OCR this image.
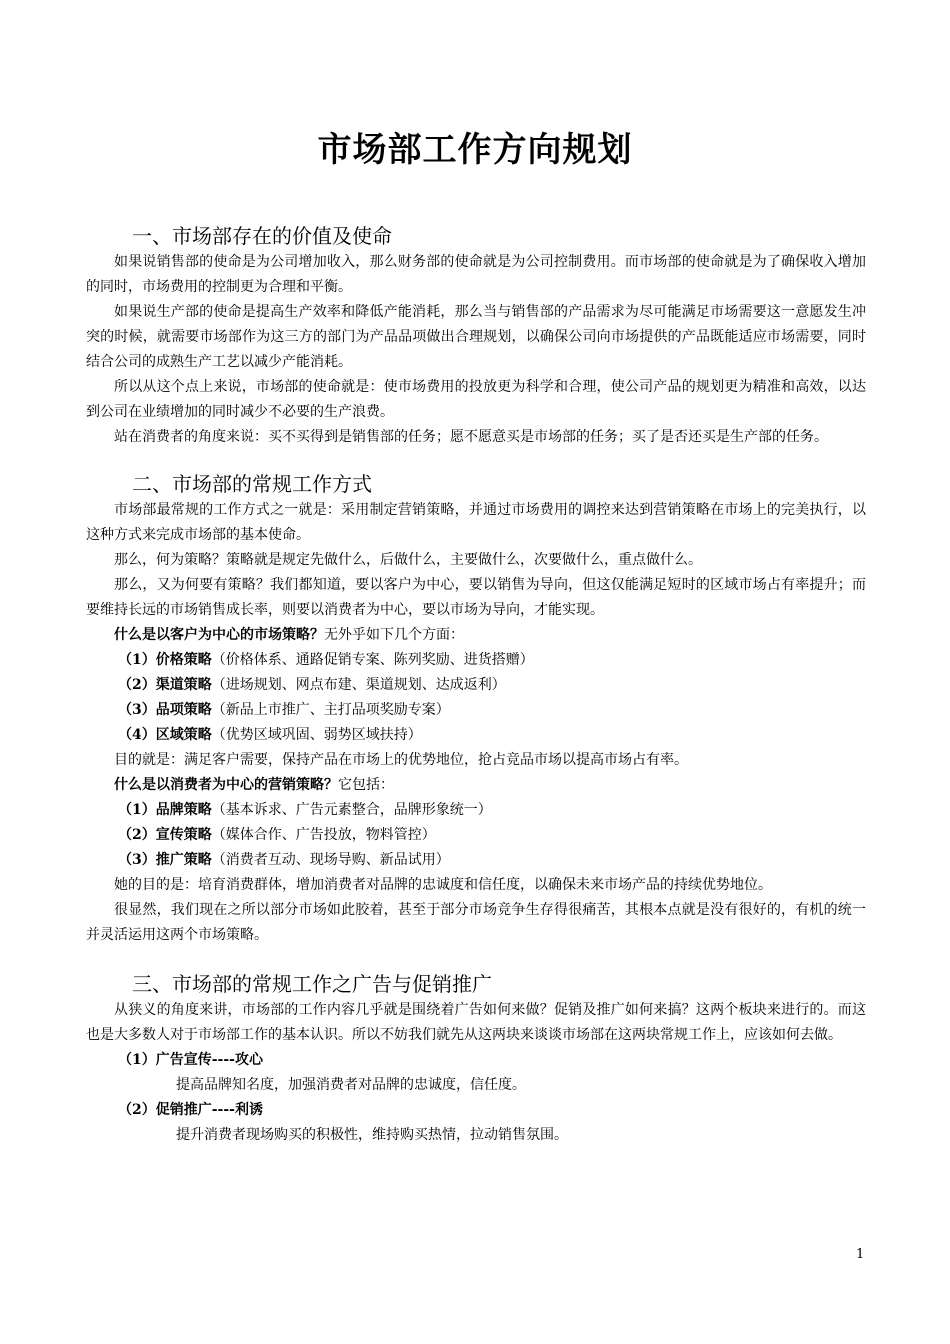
市场部工作方向规划
一、市场部存在的价值及使命

如果说销售部的使命是为公司增加收入，那么财务部的使命就是为公司控制费用。而市场部的使命就是为了确保收入增加的同时，市场费用的控制更为合理和平衡。

如果说生产部的使命是提高生产效率和降低产能消耗，那么当与销售部的产品需求为尽可能满足市场需要这一意愿发生冲突的时候，就需要市场部作为这三方的部门为产品品项做出合理规划，以确保公司向市场提供的产品既能适应市场需要，同时结合公司的成熟生产工艺以减少产能消耗。

所以从这个点上来说，市场部的使命就是：使市场费用的投放更为科学和合理，使公司产品的规划更为精准和高效，以达到公司在业绩增加的同时减少不必要的生产浪费。

站在消费者的角度来说：买不买得到是销售部的任务；愿不愿意买是市场部的任务；买了是否还买是生产部的任务。

二、市场部的常规工作方式

市场部最常规的工作方式之一就是：采用制定营销策略，并通过市场费用的调控来达到营销策略在市场上的完美执行，以这种方式来完成市场部的基本使命。

那么，何为策略？策略就是规定先做什么，后做什么，主要做什么，次要做什么，重点做什么。

那么，又为何要有策略？我们都知道，要以客户为中心，要以销售为导向，但这仅能满足短时的区域市场占有率提升；而要维持长远的市场销售成长率，则要以消费者为中心，要以市场为导向，才能实现。

什么是以客户为中心的市场策略？无外乎如下几个方面：

（1）价格策略（价格体系、通路促销专案、陈列奖励、进货搭赠）

（2）渠道策略（进场规划、网点布建、渠道规划、达成返利）

（3）品项策略（新品上市推广、主打品项奖励专案）

（4）区域策略（优势区域巩固、弱势区域扶持）

目的就是：满足客户需要，保持产品在市场上的优势地位，抢占竞品市场以提高市场占有率。

什么是以消费者为中心的营销策略？它包括：

（1）品牌策略（基本诉求、广告元素整合，品牌形象统一）

（2）宣传策略（媒体合作、广告投放，物料管控）

（3）推广策略（消费者互动、现场导购、新品试用）

她的目的是：培育消费群体，增加消费者对品牌的忠诚度和信任度，以确保未来市场产品的持续优势地位。

很显然，我们现在之所以部分市场如此胶着，甚至于部分市场竞争生存得很痛苦，其根本点就是没有很好的，有机的统一并灵活运用这两个市场策略。

三、市场部的常规工作之广告与促销推广

从狭义的角度来讲，市场部的工作内容几乎就是围绕着广告如何来做？促销及推广如何来搞？这两个板块来进行的。而这也是大多数人对于市场部工作的基本认识。所以不妨我们就先从这两块来谈谈市场部在这两块常规工作上，应该如何去做。

（1）广告宣传----攻心

提高品牌知名度，加强消费者对品牌的忠诚度，信任度。

（2）促销推广----利诱

提升消费者现场购买的积极性，维持购买热情，拉动销售氛围。

1
